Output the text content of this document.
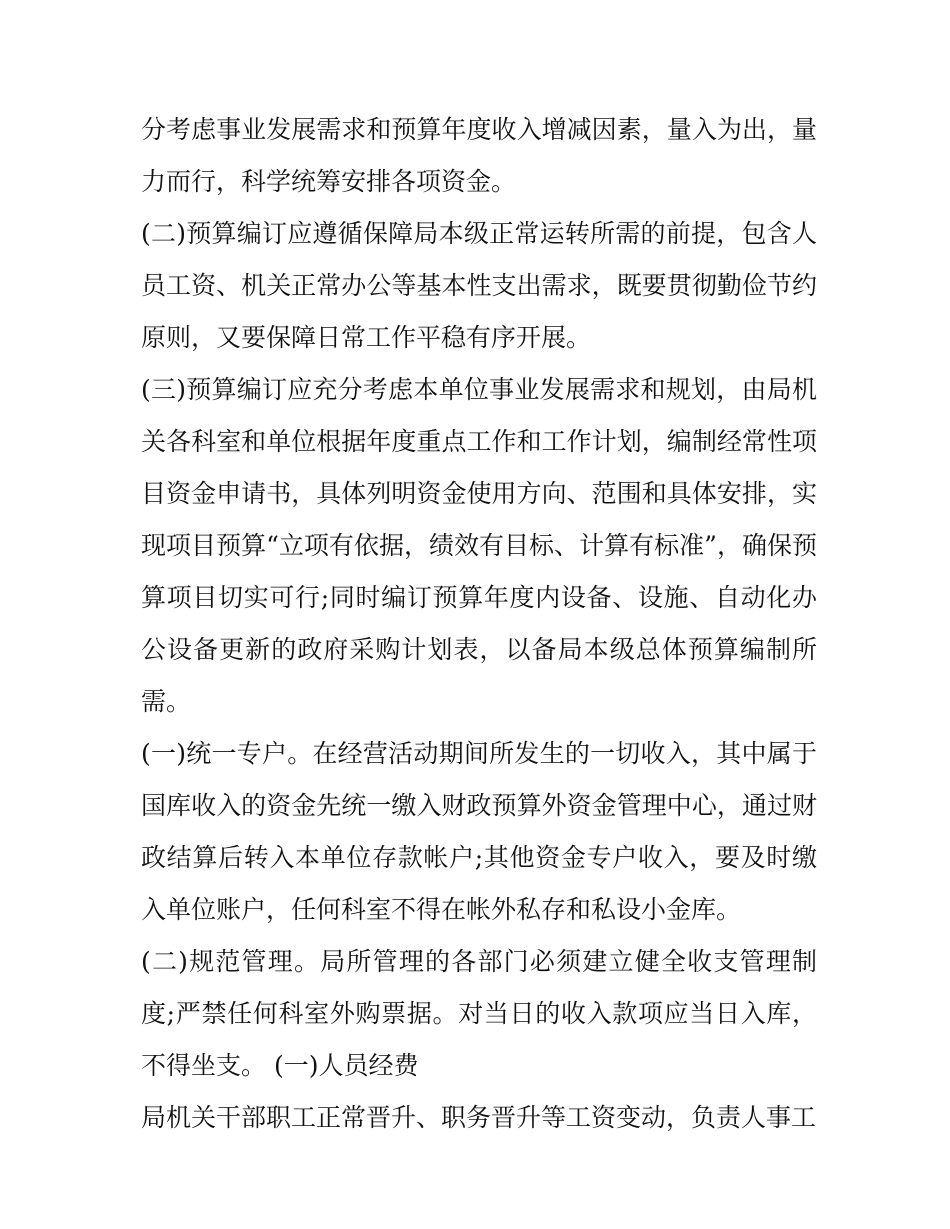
分考虑事业发展需求和预算年度收入增减因素，量入为出，量力而行，科学统筹安排各项资金。

(二)预算编订应遵循保障局本级正常运转所需的前提，包含人员工资、机关正常办公等基本性支出需求，既要贯彻勤俭节约原则，又要保障日常工作平稳有序开展。

(三)预算编订应充分考虑本单位事业发展需求和规划，由局机关各科室和单位根据年度重点工作和工作计划，编制经常性项目资金申请书，具体列明资金使用方向、范围和具体安排，实现项目预算“立项有依据，绩效有目标、计算有标准”，确保预算项目切实可行;同时编订预算年度内设备、设施、自动化办公设备更新的政府采购计划表，以备局本级总体预算编制所需。

(一)统一专户。在经营活动期间所发生的一切收入，其中属于国库收入的资金先统一缴入财政预算外资金管理中心，通过财政结算后转入本单位存款帐户;其他资金专户收入，要及时缴入单位账户，任何科室不得在帐外私存和私设小金库。

(二)规范管理。局所管理的各部门必须建立健全收支管理制度;严禁任何科室外购票据。对当日的收入款项应当日入库，不得坐支。 (一)人员经费

局机关干部职工正常晋升、职务晋升等工资变动，负责人事工
